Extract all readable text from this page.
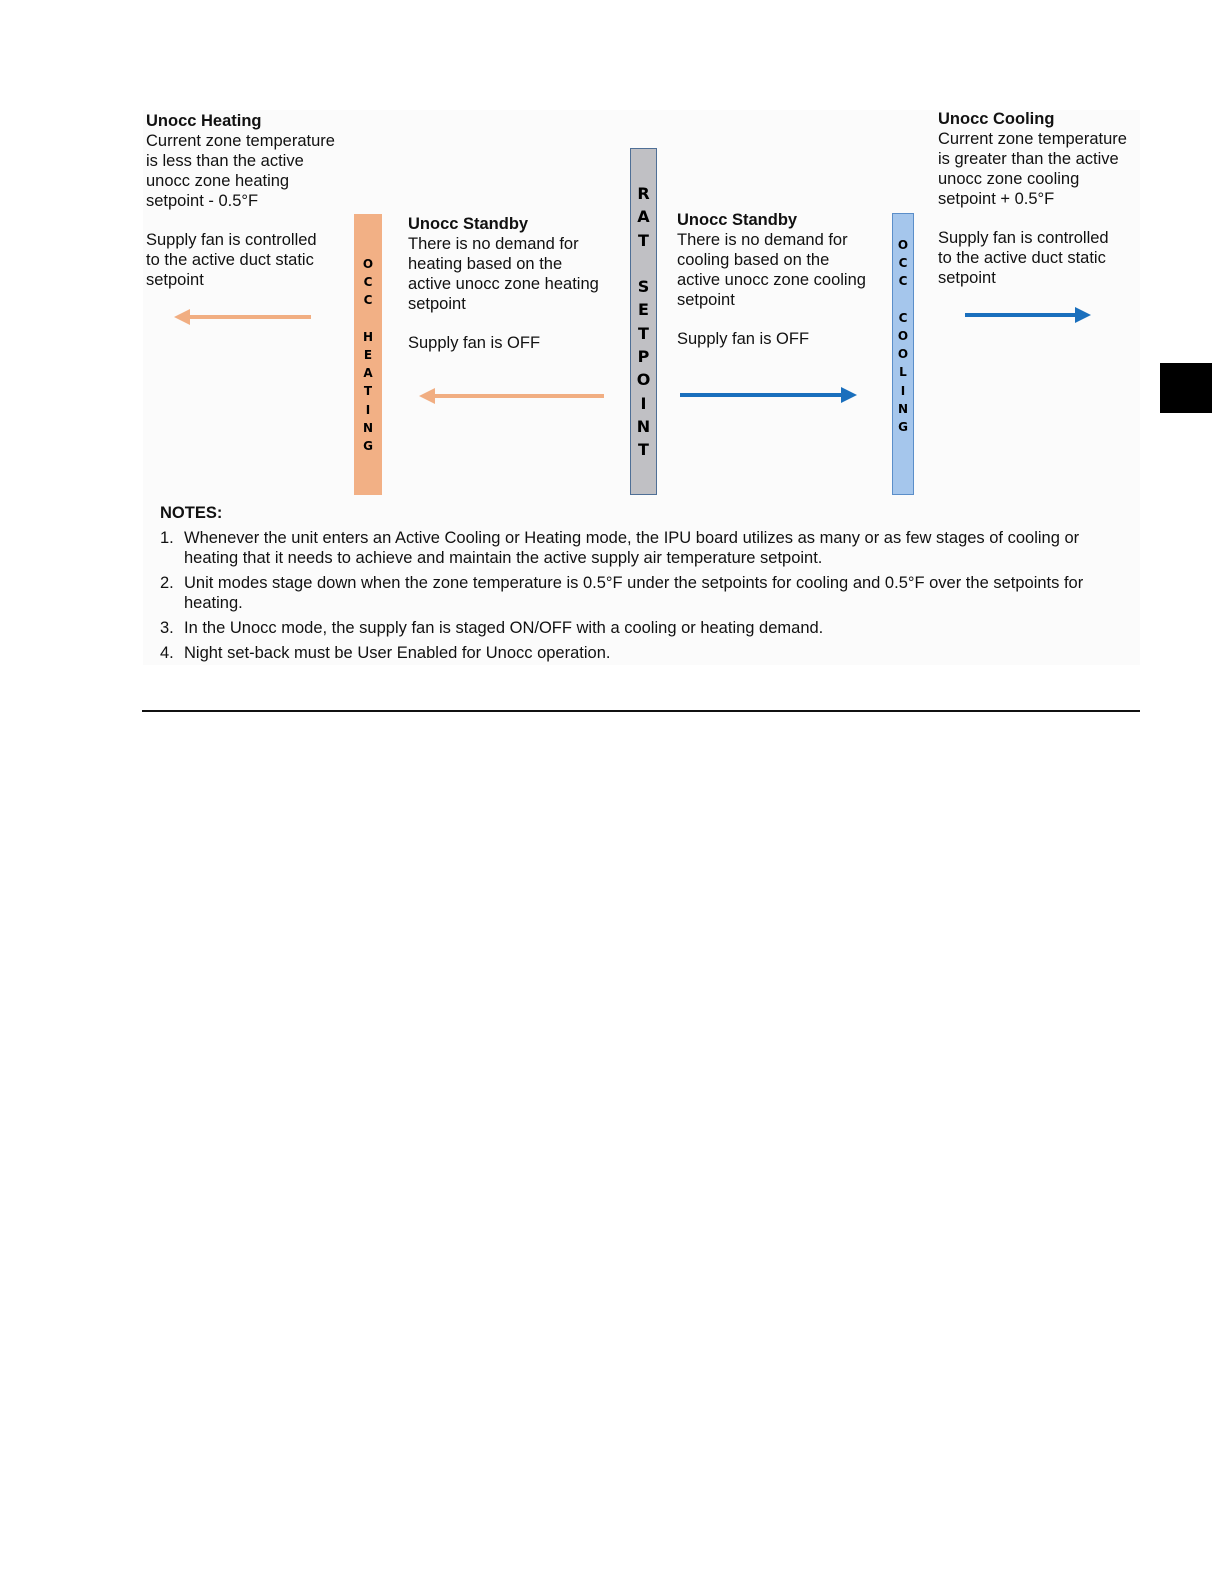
Unocc Heating
Current zone temperature
is less than the active
unocc zone heating
setpoint - 0.5°F
Supply fan is controlled
to the active duct static
setpoint
Unocc Standby
There is no demand for
heating based on the
active unocc zone heating
setpoint
Supply fan is OFF
Unocc Standby
There is no demand for
cooling based on the
active unocc zone cooling
setpoint
Supply fan is OFF
Unocc Cooling
Current zone temperature
is greater than the active
unocc zone cooling
setpoint + 0.5°F
Supply fan is controlled
to the active duct static
setpoint
O
C
C

H
E
A
T
I
N
G
R
A
T

S
E
T
P
O
I
N
T
O
C
C

C
O
O
L
I
N
G
NOTES:
1. Whenever the unit enters an Active Cooling or Heating mode, the IPU board utilizes as many or as few stages of cooling or heating that it needs to achieve and maintain the active supply air temperature setpoint.
2. Unit modes stage down when the zone temperature is 0.5°F under the setpoints for cooling and 0.5°F over the setpoints for heating.
3. In the Unocc mode, the supply fan is staged ON/OFF with a cooling or heating demand.
4. Night set-back must be User Enabled for Unocc operation.
